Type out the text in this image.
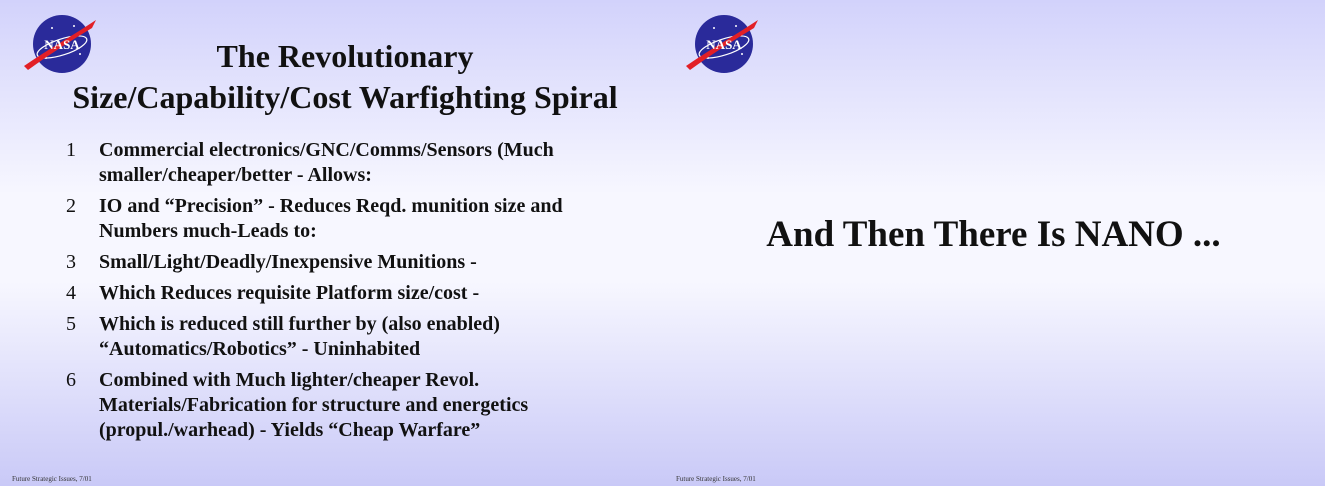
NASA	The Revolutionary
Size/Capability/Cost Warfighting Spiral
1	Commercial electronics/GNC/Comms/Sensors (Much smaller/cheaper/better - Allows:
2	IO and “Precision” - Reduces Reqd. munition size and Numbers much-Leads to:
3	Small/Light/Deadly/Inexpensive Munitions -
4	Which Reduces requisite Platform size/cost -
5	Which is reduced still further by (also enabled) “Automatics/Robotics” - Uninhabited
6	Combined with Much lighter/cheaper Revol. Materials/Fabrication for structure and energetics (propul./warhead) - Yields “Cheap Warfare”
Future Strategic Issues, 7/01
NASA
And Then There Is NANO ...
Future Strategic Issues, 7/01
